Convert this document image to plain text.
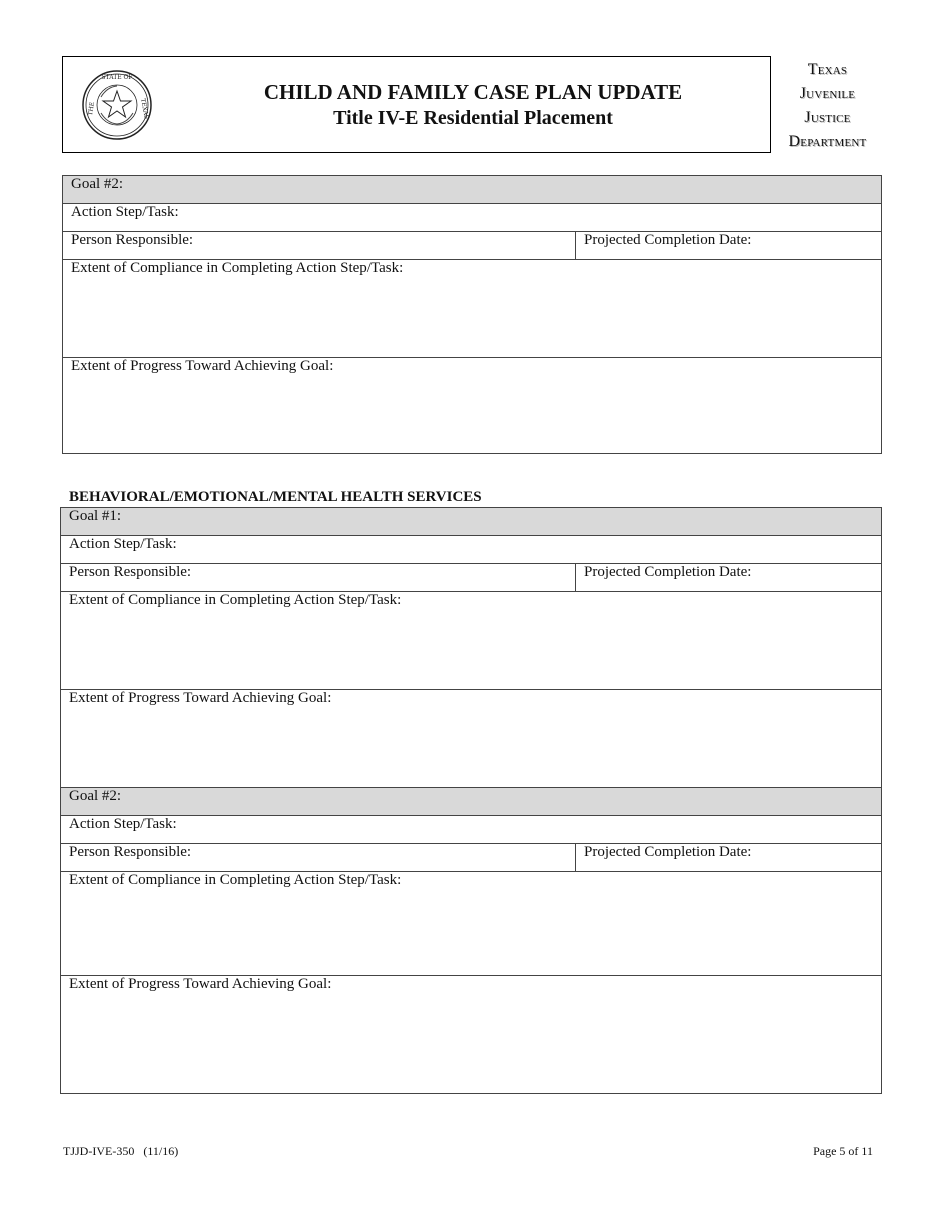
STATE OF
THE	TEXAS
CHILD AND FAMILY CASE PLAN UPDATE
Title IV-E Residential Placement
Texas
Juvenile
Justice
Department
Goal #2:
Action Step/Task:
Person Responsible:	Projected Completion Date:
Extent of Compliance in Completing Action Step/Task:
Extent of Progress Toward Achieving Goal:
BEHAVIORAL/EMOTIONAL/MENTAL HEALTH SERVICES
Goal #1:	
Action Step/Task:	
Person Responsible:	Projected Completion Date:
Extent of Compliance in Completing Action Step/Task:	
Extent of Progress Toward Achieving Goal:	
Goal #2:	
Action Step/Task:	
Person Responsible:	Projected Completion Date:
Extent of Compliance in Completing Action Step/Task:	
Extent of Progress Toward Achieving Goal:	
TJJD-IVE-350   (11/16)	Page 5 of 11
